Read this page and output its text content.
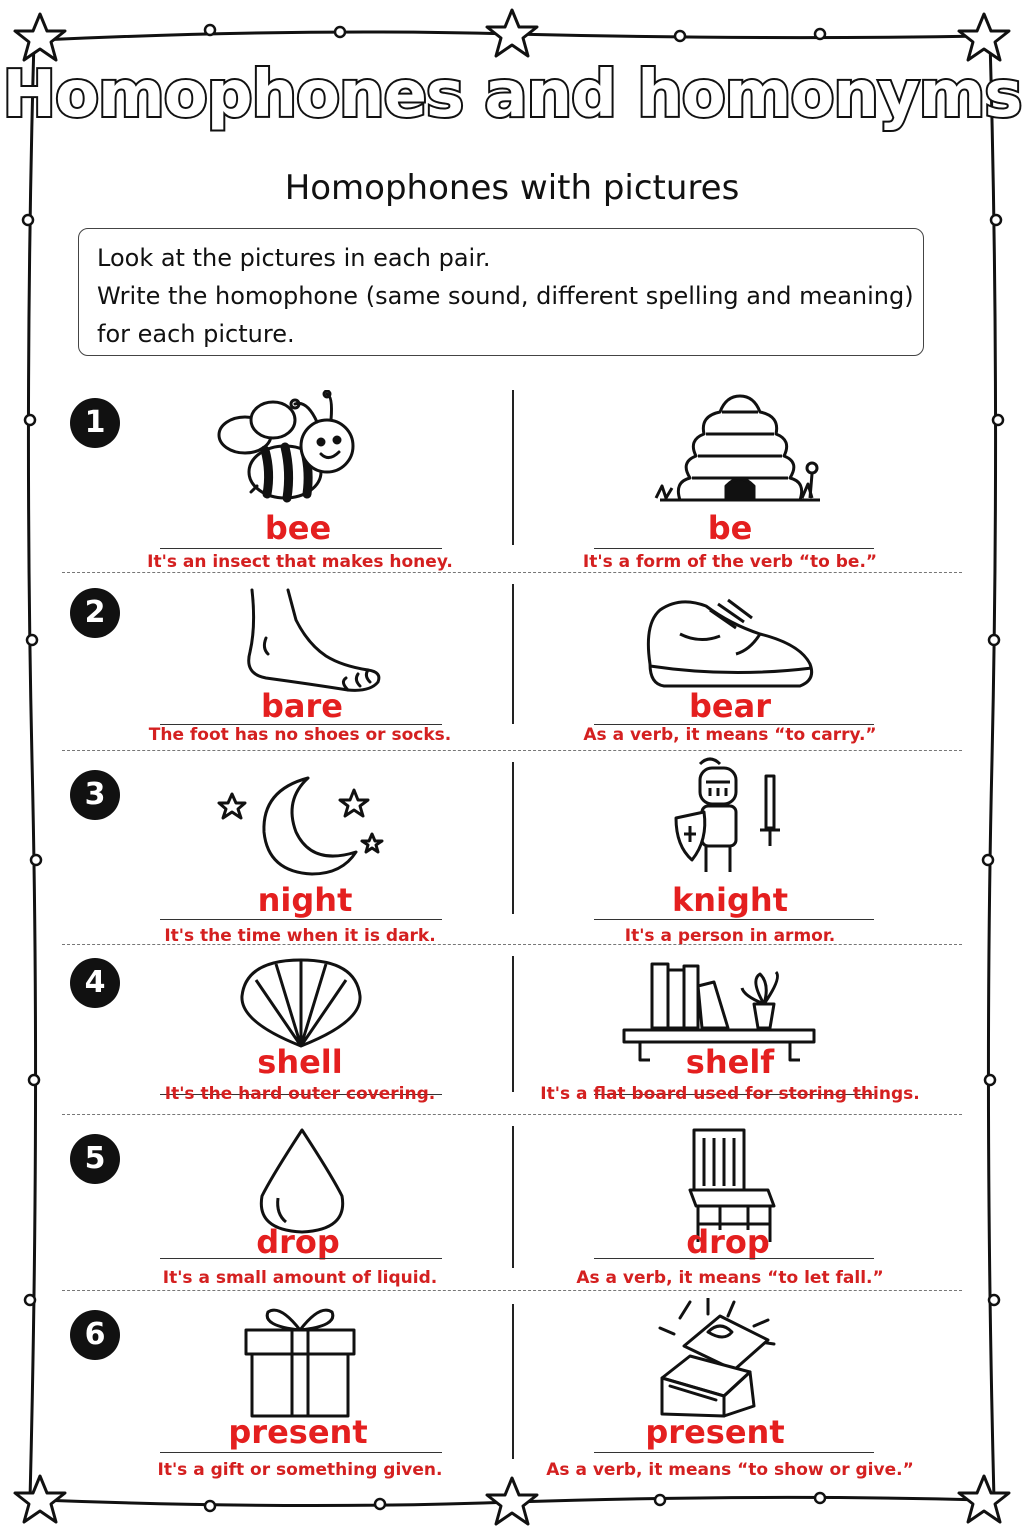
Homophones and homonyms
Homophones with pictures
Look at the pictures in each pair.
Write the homophone (same sound, different spelling and meaning)
for each picture.
1
bee
It's an insect that makes honey.
be
It's a form of the verb “to be.”
2
bare
The foot has no shoes or socks.
bear
As a verb, it means “to carry.”
3
night
It's the time when it is dark.
knight
It's a person in armor.
4
shell
It's the hard outer covering.
shelf
It's a flat board used for storing things.
5
drop
It's a small amount of liquid.
drop
As a verb, it means “to let fall.”
6
present
It's a gift or something given.
present
As a verb, it means “to show or give.”
